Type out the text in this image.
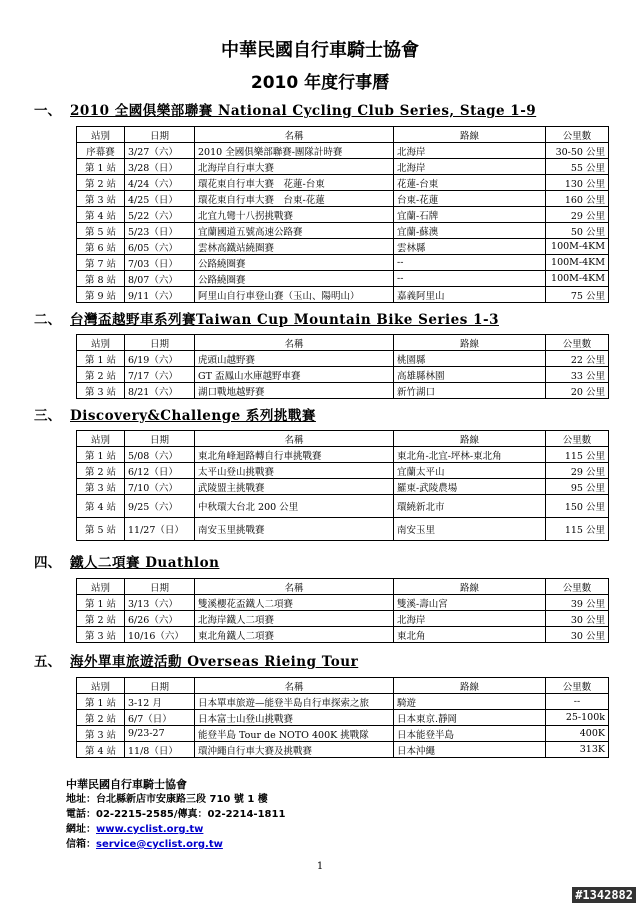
中華民國自行車騎士協會
2010 年度行事曆
一、 2010 全國俱樂部聯賽 National Cycling Club Series, Stage 1-9
站別	日期	名稱	路線	公里數
序幕賽	3/27（六）	2010 全國俱樂部聯賽-團隊計時賽	北海岸	30-50 公里
第 1 站	3/28（日）	北海岸自行車大賽	北海岸	55 公里
第 2 站	4/24（六）	環花東自行車大賽　花蓮-台東	花蓮-台東	130 公里
第 3 站	4/25（日）	環花東自行車大賽　台東-花蓮	台東-花蓮	160 公里
第 4 站	5/22（六）	北宜九彎十八拐挑戰賽	宜蘭-石牌	29 公里
第 5 站	5/23（日）	宜蘭國道五號高速公路賽	宜蘭-蘇澳	50 公里
第 6 站	6/05（六）	雲林高鐵站繞圈賽	雲林縣	100M-4KM
第 7 站	7/03（日）	公路繞圈賽	--	100M-4KM
第 8 站	8/07（六）	公路繞圈賽	--	100M-4KM
第 9 站	9/11（六）	阿里山自行車登山賽（玉山、陽明山）	嘉義阿里山	75 公里
二、 台灣盃越野車系列賽Taiwan Cup Mountain Bike Series 1-3
站別	日期	名稱	路線	公里數
第 1 站	6/19（六）	虎頭山越野賽	桃園縣	22 公里
第 2 站	7/17（六）	GT 盃鳳山水庫越野車賽	高雄縣林園	33 公里
第 3 站	8/21（六）	湖口戰地越野賽	新竹湖口	20 公里
三、 Discovery&Challenge 系列挑戰賽
站別	日期	名稱	路線	公里數
第 1 站	5/08（六）	東北角峰迴路轉自行車挑戰賽	東北角-北宜-坪林-東北角	115 公里
第 2 站	6/12（日）	太平山登山挑戰賽	宜蘭太平山	29 公里
第 3 站	7/10（六）	武陵盟主挑戰賽	羅東-武陵農場	95 公里
第 4 站	9/25（六）	中秋環大台北 200 公里	環繞新北市	150 公里
第 5 站	11/27（日）	南安玉里挑戰賽	南安玉里	115 公里
四、 鐵人二項賽 Duathlon
站別	日期	名稱	路線	公里數
第 1 站	3/13（六）	雙溪櫻花盃鐵人二項賽	雙溪-壽山宮	39 公里
第 2 站	6/26（六）	北海岸鐵人二項賽	北海岸	30 公里
第 3 站	10/16（六）	東北角鐵人二項賽	東北角	30 公里
五、 海外單車旅遊活動 Overseas Rieing Tour
站別	日期	名稱	路線	公里數
第 1 站	3-12 月	日本單車旅遊—能登半島自行車探索之旅	騎遊	--
第 2 站	6/7（日）	日本富士山登山挑戰賽	日本東京.靜岡	25-100k
第 3 站	9/23-27	能登半島 Tour de NOTO 400K 挑戰隊	日本能登半島	400K
第 4 站	11/8（日）	環沖繩自行車大賽及挑戰賽	日本沖繩	313K
中華民國自行車騎士協會
地址：台北縣新店市安康路三段 710 號 1 樓
電話：02-2215-2585/傳真：02-2214-1811
網址：www.cyclist.org.tw
信箱：service@cyclist.org.tw
1
#1342882
